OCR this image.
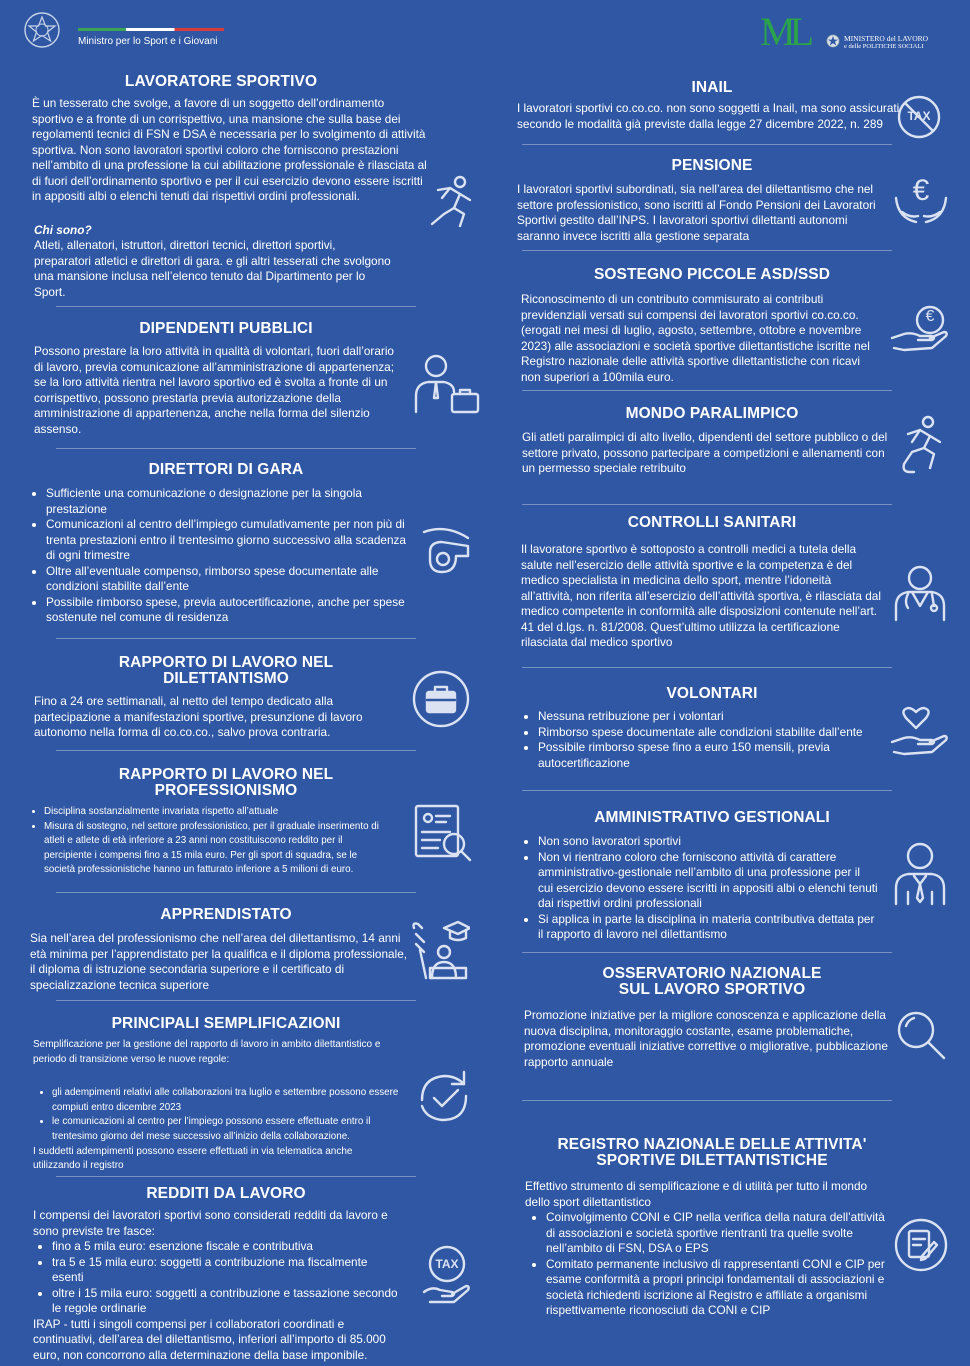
Ministro per lo Sport e i Giovani	ML	MINISTERO del LAVORO
e delle POLITICHE SOCIALI
LAVORATORE SPORTIVO

È un tesserato che svolge, a favore di un soggetto dell’ordinamento sportivo e a fronte di un corrispettivo, una mansione che sulla base dei regolamenti tecnici di FSN e DSA è necessaria per lo svolgimento di attività sportiva. Non sono lavoratori sportivi coloro che forniscono prestazioni nell’ambito di una professione la cui abilitazione professionale è rilasciata al di fuori dell’ordinamento sportivo e per il cui esercizio devono essere iscritti in appositi albi o elenchi tenuti dai rispettivi ordini professionali.

Chi sono?

Atleti, allenatori, istruttori, direttori tecnici, direttori sportivi, preparatori atletici e direttori di gara. e gli altri tesserati che svolgono una mansione inclusa nell’elenco tenuto dal Dipartimento per lo Sport.

DIPENDENTI PUBBLICI

Possono prestare la loro attività in qualità di volontari, fuori dall’orario di lavoro, previa comunicazione all’amministrazione di appartenenza; se la loro attività rientra nel lavoro sportivo ed è svolta a fronte di un corrispettivo, possono prestarla previa autorizzazione della amministrazione di appartenenza, anche nella forma del silenzio assenso.

DIRETTORI DI GARA
• Sufficiente una comunicazione o designazione per la singola prestazione
• Comunicazioni al centro dell’impiego cumulativamente per non più di trenta prestazioni entro il trentesimo giorno successivo alla scadenza di ogni trimestre
• Oltre all’eventuale compenso, rimborso spese documentate alle condizioni stabilite dall’ente
• Possibile rimborso spese, previa autocertificazione, anche per spese sostenute nel comune di residenza
RAPPORTO DI LAVORO NEL
DILETTANTISMO

Fino a 24 ore settimanali, al netto del tempo dedicato alla partecipazione a manifestazioni sportive, presunzione di lavoro autonomo nella forma di co.co.co., salvo prova contraria.

RAPPORTO DI LAVORO NEL
PROFESSIONISMO
• Disciplina sostanzialmente invariata rispetto all’attuale
• Misura di sostegno, nel settore professionistico, per il graduale inserimento di atleti e atlete di età inferiore a 23 anni non costituiscono reddito per il percipiente i compensi fino a 15 mila euro. Per gli sport di squadra, se le società professionistiche hanno un fatturato inferiore a 5 milioni di euro.
APPRENDISTATO

Sia nell’area del professionismo che nell’area del dilettantismo, 14 anni età minima per l’apprendistato per la qualifica e il diploma professionale, il diploma di istruzione secondaria superiore e il certificato di specializzazione tecnica superiore

PRINCIPALI SEMPLIFICAZIONI

Semplificazione per la gestione del rapporto di lavoro in ambito dilettantistico e periodo di transizione verso le nuove regole:

• gli adempimenti relativi alle collaborazioni tra luglio e settembre possono essere compiuti entro dicembre 2023
• le comunicazioni al centro per l’impiego possono essere effettuate entro il trentesimo giorno del mese successivo all’inizio della collaborazione.

I suddetti adempimenti possono essere effettuati in via telematica anche utilizzando il registro

REDDITI DA LAVORO

I compensi dei lavoratori sportivi sono considerati redditi da lavoro e sono previste tre fasce:

• fino a 5 mila euro: esenzione fiscale e contributiva
• tra 5 e 15 mila euro: soggetti a contribuzione ma fiscalmente esenti
• oltre i 15 mila euro: soggetti a contribuzione e tassazione secondo le regole ordinarie

IRAP - tutti i singoli compensi per i collaboratori coordinati e continuativi, dell’area del dilettantismo, inferiori all’importo di 85.000 euro, non concorrono alla determinazione della base imponibile.

TAX
INAIL

I lavoratori sportivi co.co.co. non sono soggetti a Inail, ma sono assicurati secondo le modalità già previste dalla legge 27 dicembre 2022, n. 289

TAX
PENSIONE

I lavoratori sportivi subordinati, sia nell’area del dilettantismo che nel settore professionistico, sono iscritti al Fondo Pensioni dei Lavoratori Sportivi gestito dall’INPS. I lavoratori sportivi dilettanti autonomi saranno invece iscritti alla gestione separata

€
SOSTEGNO PICCOLE ASD/SSD

Riconoscimento di un contributo commisurato ai contributi previdenziali versati sui compensi dei lavoratori sportivi co.co.co. (erogati nei mesi di luglio, agosto, settembre, ottobre e novembre 2023) alle associazioni e società sportive dilettantistiche iscritte nel Registro nazionale delle attività sportive dilettantistiche con ricavi non superiori a 100mila euro.

€
MONDO PARALIMPICO

Gli atleti paralimpici di alto livello, dipendenti del settore pubblico o del settore privato, possono partecipare a competizioni e allenamenti con un permesso speciale retribuito

CONTROLLI SANITARI

Il lavoratore sportivo è sottoposto a controlli medici a tutela della salute nell’esercizio delle attività sportive e la competenza è del medico specialista in medicina dello sport, mentre l’idoneità all’attività, non riferita all’esercizio dell’attività sportiva, è rilasciata dal medico competente in conformità alle disposizioni contenute nell’art. 41 del d.lgs. n. 81/2008. Quest’ultimo utilizza la certificazione rilasciata dal medico sportivo

VOLONTARI
• Nessuna retribuzione per i volontari
• Rimborso spese documentate alle condizioni stabilite dall’ente
• Possibile rimborso spese fino a euro 150 mensili, previa autocertificazione
AMMINISTRATIVO GESTIONALI
• Non sono lavoratori sportivi
• Non vi rientrano coloro che forniscono attività di carattere amministrativo-gestionale nell’ambito di una professione per il cui esercizio devono essere iscritti in appositi albi o elenchi tenuti dai rispettivi ordini professionali
• Si applica in parte la disciplina in materia contributiva dettata per il rapporto di lavoro nel dilettantismo
OSSERVATORIO NAZIONALE
SUL LAVORO SPORTIVO

Promozione iniziative per la migliore conoscenza e applicazione della nuova disciplina, monitoraggio costante, esame problematiche, promozione eventuali iniziative correttive o migliorative, pubblicazione rapporto annuale

REGISTRO NAZIONALE DELLE ATTIVITA'
SPORTIVE DILETTANTISTICHE

Effettivo strumento di semplificazione e di utilità per tutto il mondo dello sport dilettantistico

• Coinvolgimento CONI e CIP nella verifica della natura dell’attività di associazioni e società sportive rientranti tra quelle svolte nell’ambito di FSN, DSA o EPS
• Comitato permanente inclusivo di rappresentanti CONI e CIP per esame conformità a propri principi fondamentali di associazioni e società richiedenti iscrizione al Registro e affiliate a organismi rispettivamente riconosciuti da CONI e CIP
